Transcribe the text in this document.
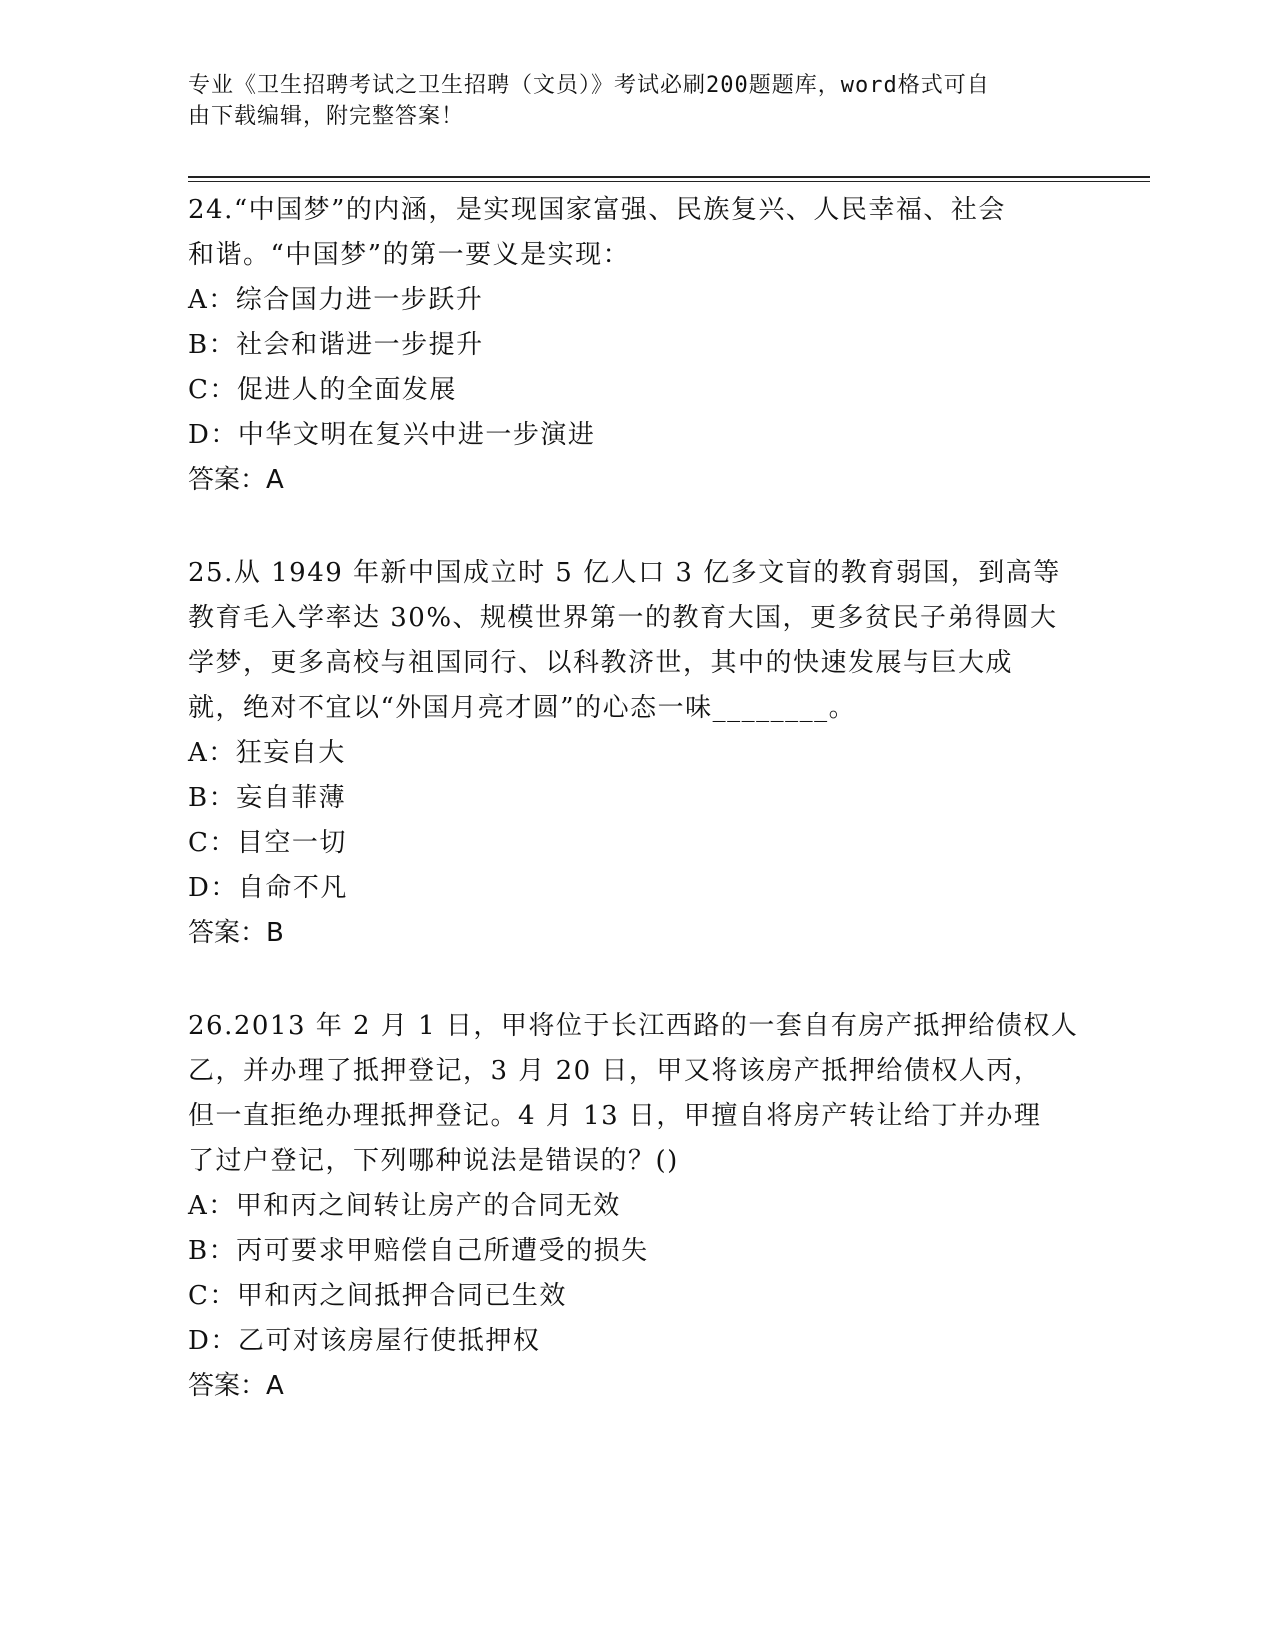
专业《卫生招聘考试之卫生招聘（文员）》考试必刷200题题库，word格式可自
由下载编辑，附完整答案！
24.“中国梦”的内涵，是实现国家富强、民族复兴、人民幸福、社会
和谐。“中国梦”的第一要义是实现：
A：综合国力进一步跃升
B：社会和谐进一步提升
C：促进人的全面发展
D：中华文明在复兴中进一步演进
答案：A
25.从 1949 年新中国成立时 5 亿人口 3 亿多文盲的教育弱国，到高等
教育毛入学率达 30%、规模世界第一的教育大国，更多贫民子弟得圆大
学梦，更多高校与祖国同行、以科教济世，其中的快速发展与巨大成
就，绝对不宜以“外国月亮才圆”的心态一味________。
A：狂妄自大
B：妄自菲薄
C：目空一切
D：自命不凡
答案：B
26.2013 年 2 月 1 日，甲将位于长江西路的一套自有房产抵押给债权人
乙，并办理了抵押登记，3 月 20 日，甲又将该房产抵押给债权人丙，
但一直拒绝办理抵押登记。4 月 13 日，甲擅自将房产转让给丁并办理
了过户登记，下列哪种说法是错误的？()
A：甲和丙之间转让房产的合同无效
B：丙可要求甲赔偿自己所遭受的损失
C：甲和丙之间抵押合同已生效
D：乙可对该房屋行使抵押权
答案：A
